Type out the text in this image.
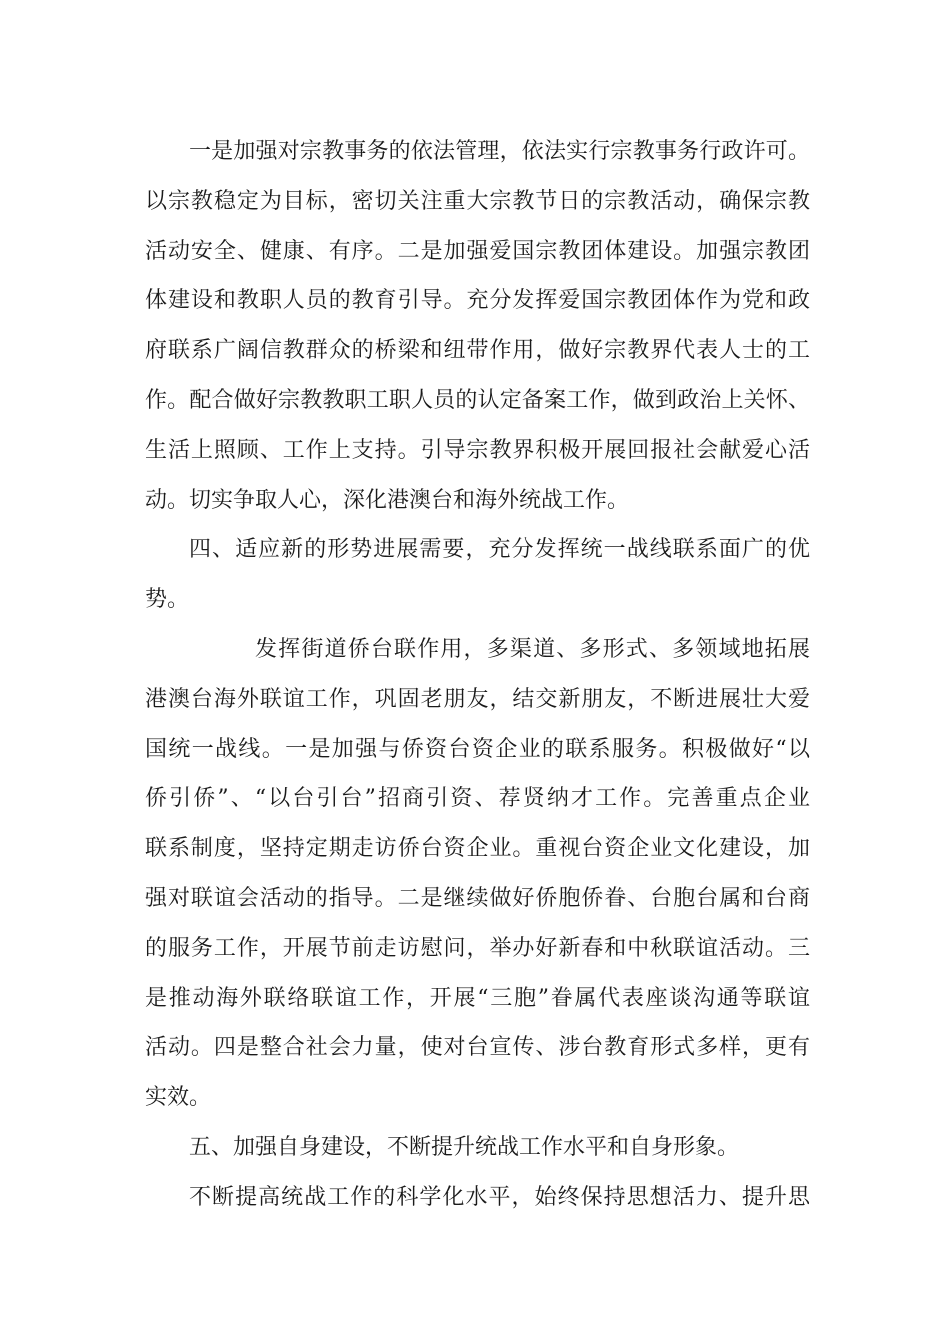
一是加强对宗教事务的依法管理，依法实行宗教事务行政许可。
以宗教稳定为目标，密切关注重大宗教节日的宗教活动，确保宗教
活动安全、健康、有序。二是加强爱国宗教团体建设。加强宗教团
体建设和教职人员的教育引导。充分发挥爱国宗教团体作为党和政
府联系广阔信教群众的桥梁和纽带作用，做好宗教界代表人士的工
作。配合做好宗教教职工职人员的认定备案工作，做到政治上关怀、
生活上照顾、工作上支持。引导宗教界积极开展回报社会献爱心活
动。切实争取人心，深化港澳台和海外统战工作。
四、适应新的形势进展需要，充分发挥统一战线联系面广的优
势。
发挥街道侨台联作用，多渠道、多形式、多领域地拓展
港澳台海外联谊工作，巩固老朋友，结交新朋友，不断进展壮大爱
国统一战线。一是加强与侨资台资企业的联系服务。积极做好“以
侨引侨”、“以台引台”招商引资、荐贤纳才工作。完善重点企业
联系制度，坚持定期走访侨台资企业。重视台资企业文化建设，加
强对联谊会活动的指导。二是继续做好侨胞侨眷、台胞台属和台商
的服务工作，开展节前走访慰问，举办好新春和中秋联谊活动。三
是推动海外联络联谊工作，开展“三胞”眷属代表座谈沟通等联谊
活动。四是整合社会力量，使对台宣传、涉台教育形式多样，更有
实效。
五、加强自身建设，不断提升统战工作水平和自身形象。
不断提高统战工作的科学化水平，始终保持思想活力、提升思
